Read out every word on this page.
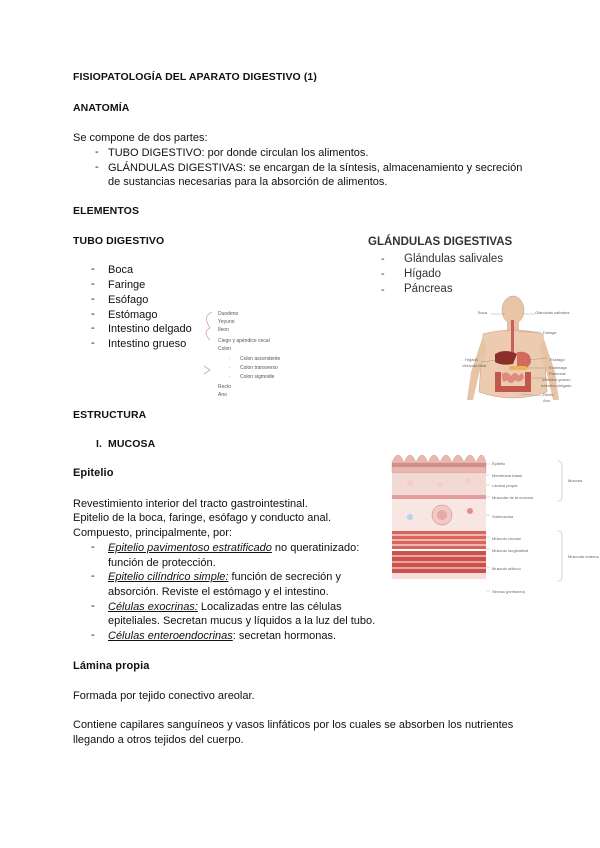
FISIOPATOLOGÍA DEL APARATO DIGESTIVO (1)
ANATOMÍA
Se compone de dos partes:
- TUBO DIGESTIVO: por donde circulan los alimentos.
- GLÁNDULAS DIGESTIVAS: se encargan de la síntesis, almacenamiento y secreción
de sustancias necesarias para la absorción de alimentos.
ELEMENTOS
TUBO DIGESTIVO
-	Boca
-	Faringe
-	Esófago
-	Estómago
-	Intestino delgado
-	Intestino grueso
Duodeno
Yeyuno
Íleon
Ciego y apéndice cecal
Colon
· Colon ascendente
· Colon transverso
· Colon sigmoide
Recto
Ano
GLÁNDULAS DIGESTIVAS
-	Glándulas salivales
-	Hígado
-	Páncreas
Boca	Glándulas salivales
Faringe
Hígado
Vesícula biliar
Esófago
Estómago
Páncreas
Intestino grueso
Intestino delgado
Recto
Ano
ESTRUCTURA
I. MUCOSA
Epitelio
Revestimiento interior del tracto gastrointestinal.
Epitelio de la boca, faringe, esófago y conducto anal.
Compuesto, principalmente, por:
-	Epitelio pavimentoso estratificado no queratinizado:
función de protección.
-	Epitelio cilíndrico simple: función de secreción y
absorción. Reviste el estómago y el intestino.
-	Células exocrinas: Localizadas entre las células
epiteliales. Secretan mucus y líquidos a la luz del tubo.
-	Células enteroendocrinas: secretan hormonas.
Epitelio
Membrana basal
Lámina propia
Muscular de la mucosa
Submucosa
Músculo circular
Músculo longitudinal
Músculo oblicuo
Serosa (peritoneo)
Mucosa
Muscular externa
Lámina propia
Formada por tejido conectivo areolar.
Contiene capilares sanguíneos y vasos linfáticos por los cuales se absorben los nutrientes
llegando a otros tejidos del cuerpo.
